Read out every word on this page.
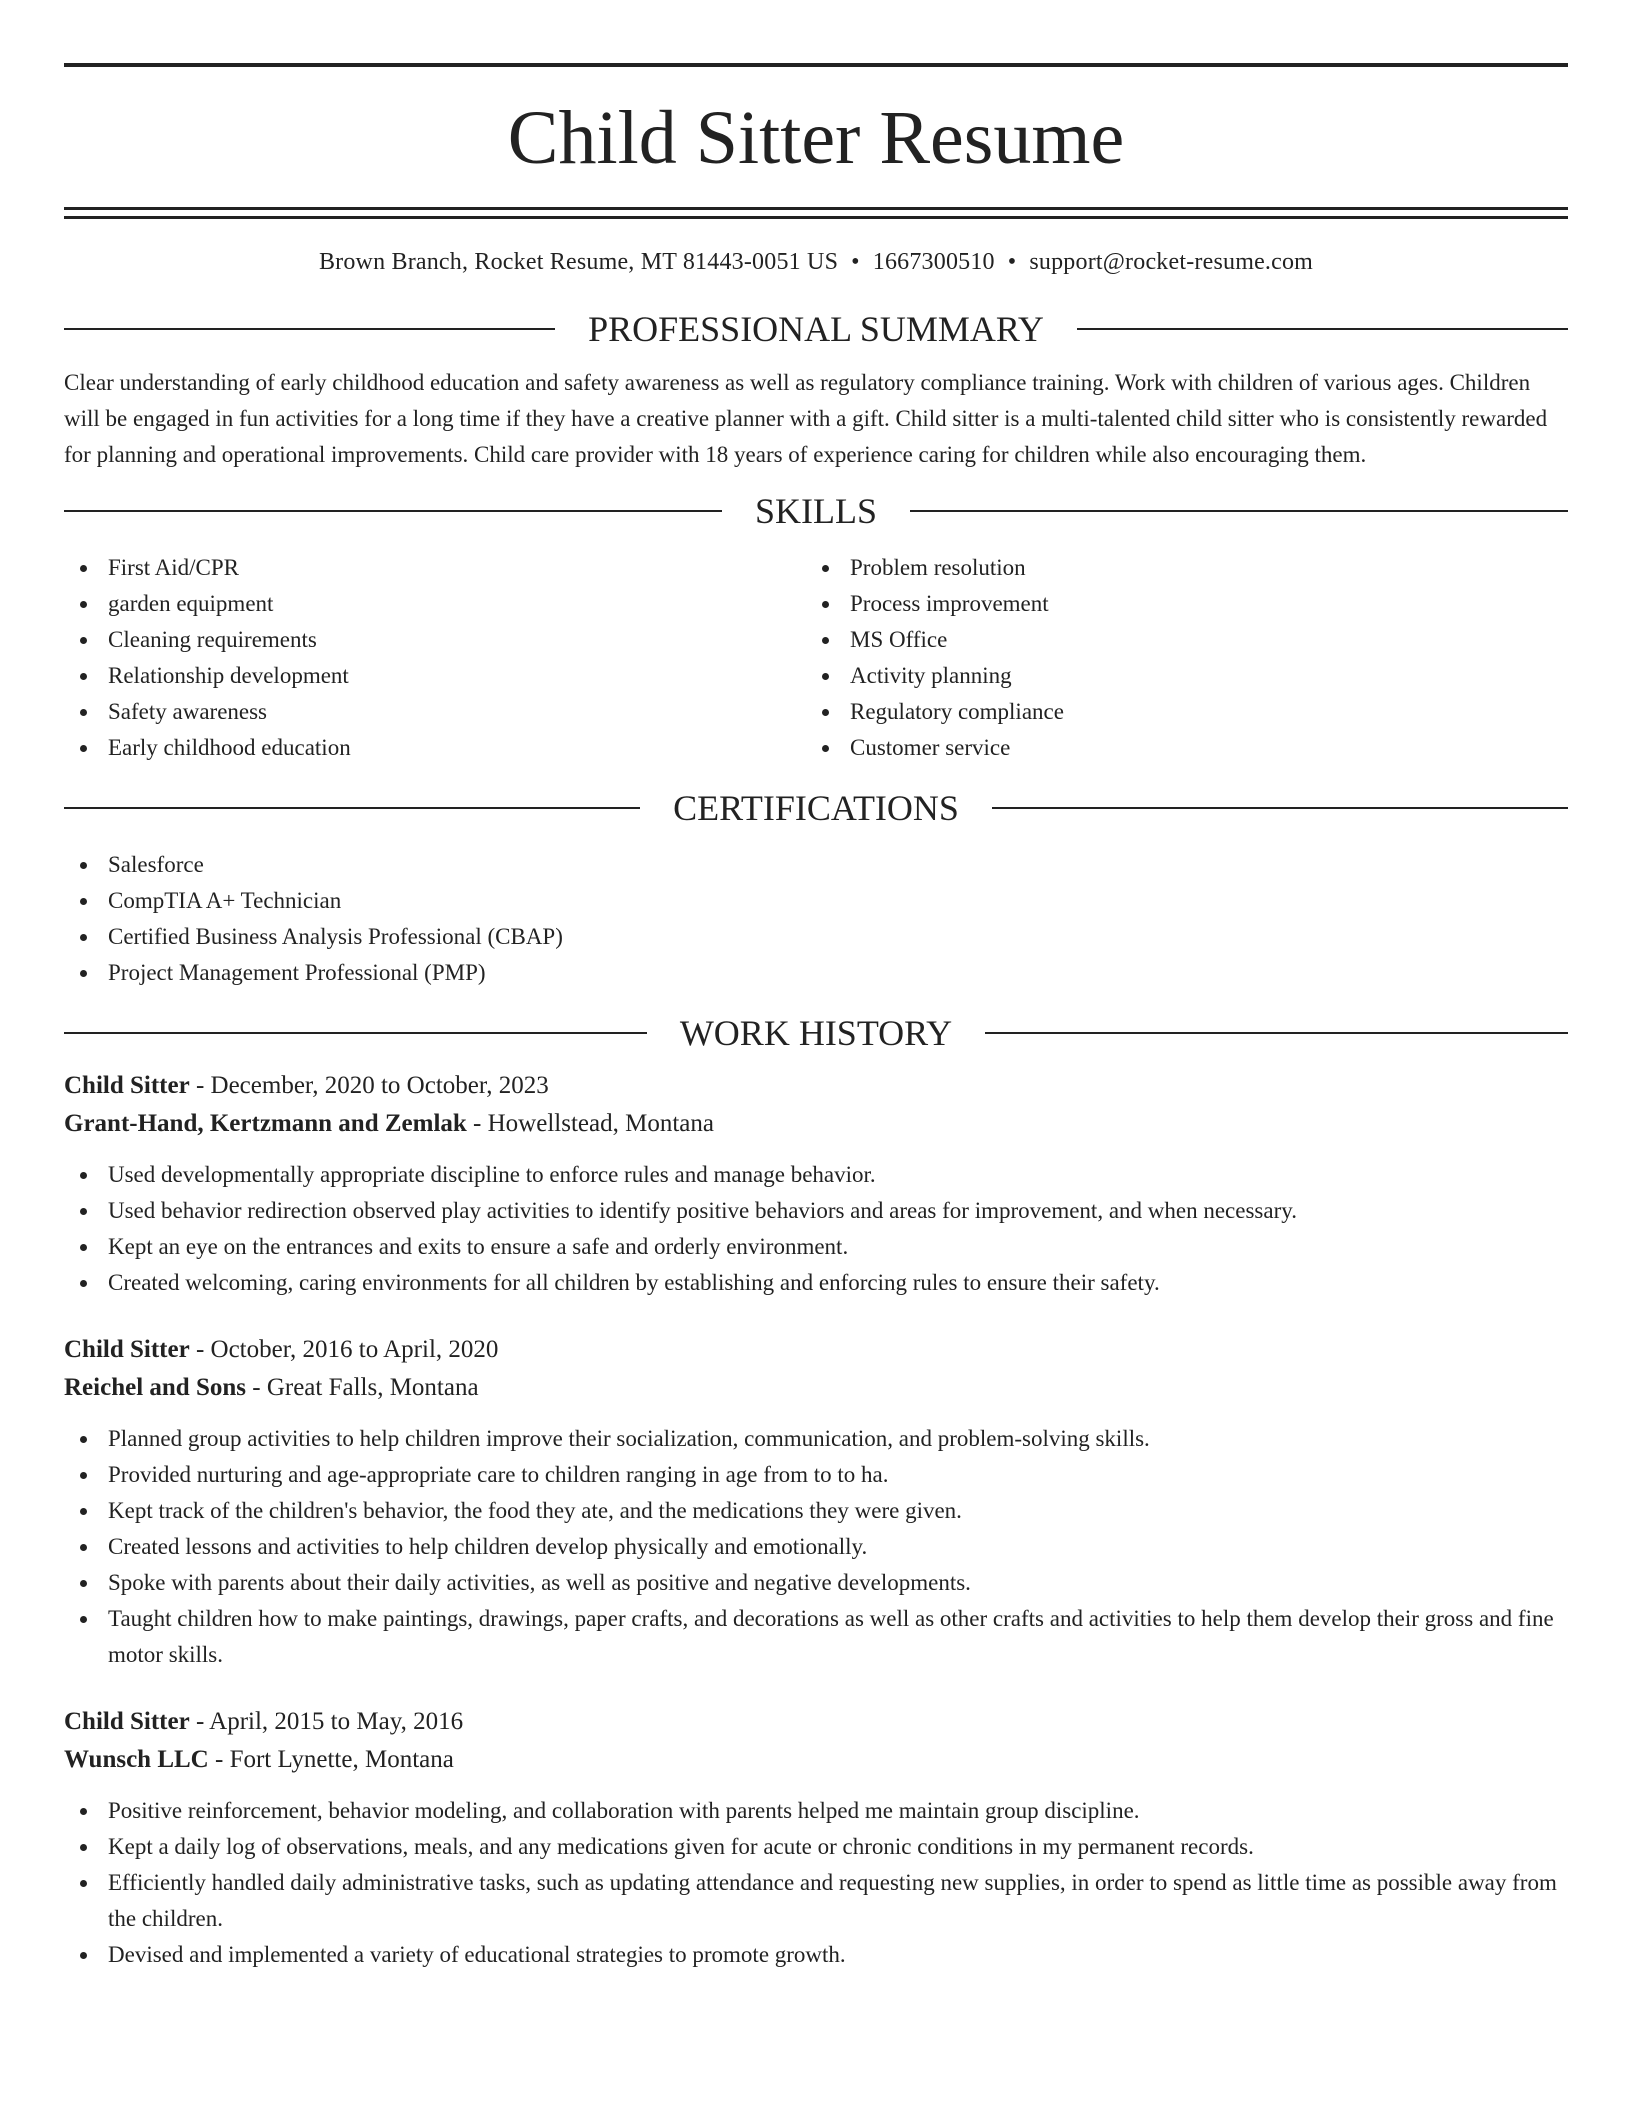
Child Sitter Resume
Brown Branch, Rocket Resume, MT 81443-0051 US • 1667300510 • support@rocket-resume.com
PROFESSIONAL SUMMARY

Clear understanding of early childhood education and safety awareness as well as regulatory compliance training. Work with children of various ages. Children will be engaged in fun activities for a long time if they have a creative planner with a gift. Child sitter is a multi-talented child sitter who is consistently rewarded for planning and operational improvements. Child care provider with 18 years of experience caring for children while also encouraging them.

SKILLS
First Aid/CPR
garden equipment
Cleaning requirements
Relationship development
Safety awareness
Early childhood education
Problem resolution
Process improvement
MS Office
Activity planning
Regulatory compliance
Customer service
CERTIFICATIONS
Salesforce
CompTIA A+ Technician
Certified Business Analysis Professional (CBAP)
Project Management Professional (PMP)
WORK HISTORY
Child Sitter - December, 2020 to October, 2023
Grant-Hand, Kertzmann and Zemlak - Howellstead, Montana
Used developmentally appropriate discipline to enforce rules and manage behavior.
Used behavior redirection observed play activities to identify positive behaviors and areas for improvement, and when necessary.
Kept an eye on the entrances and exits to ensure a safe and orderly environment.
Created welcoming, caring environments for all children by establishing and enforcing rules to ensure their safety.
Child Sitter - October, 2016 to April, 2020
Reichel and Sons - Great Falls, Montana
Planned group activities to help children improve their socialization, communication, and problem-solving skills.
Provided nurturing and age-appropriate care to children ranging in age from to to ha.
Kept track of the children's behavior, the food they ate, and the medications they were given.
Created lessons and activities to help children develop physically and emotionally.
Spoke with parents about their daily activities, as well as positive and negative developments.
Taught children how to make paintings, drawings, paper crafts, and decorations as well as other crafts and activities to help them develop their gross and fine motor skills.
Child Sitter - April, 2015 to May, 2016
Wunsch LLC - Fort Lynette, Montana
Positive reinforcement, behavior modeling, and collaboration with parents helped me maintain group discipline.
Kept a daily log of observations, meals, and any medications given for acute or chronic conditions in my permanent records.
Efficiently handled daily administrative tasks, such as updating attendance and requesting new supplies, in order to spend as little time as possible away from the children.
Devised and implemented a variety of educational strategies to promote growth.
